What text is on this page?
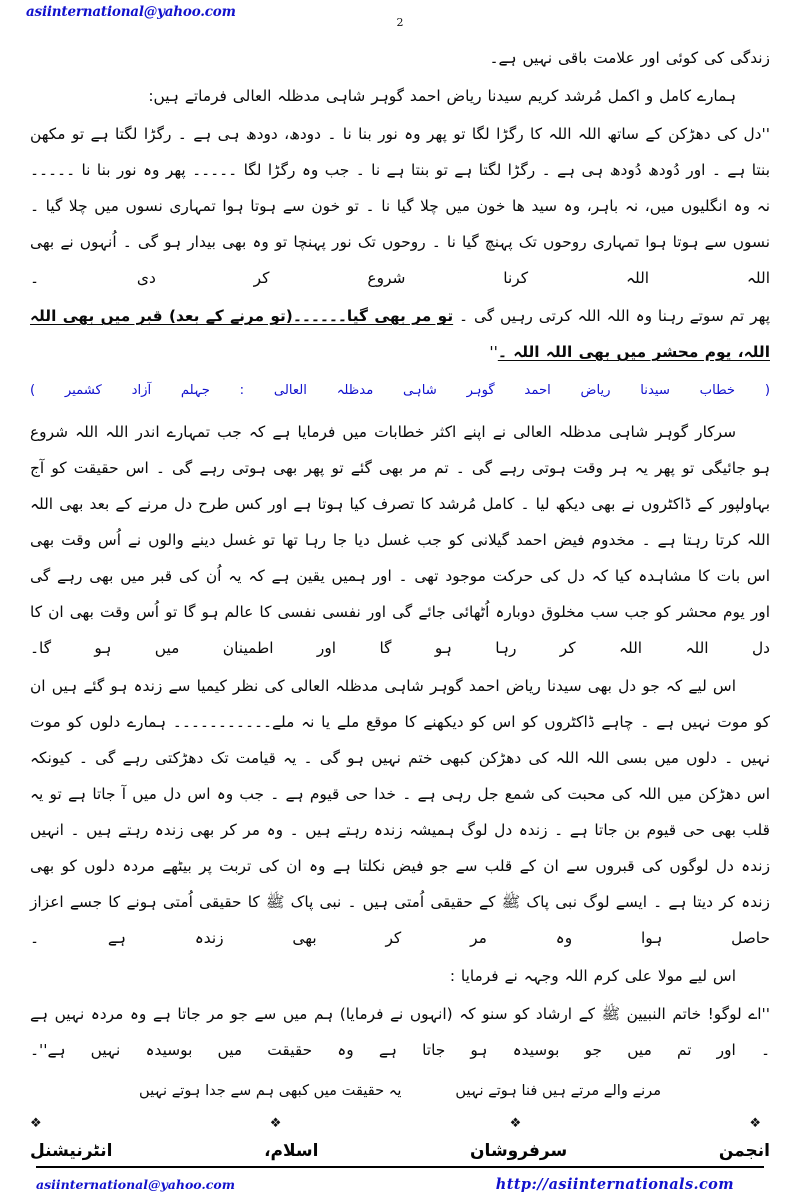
asiinternational@yahoo.com
2
زندگی کی کوئی اور علامت باقی نہیں ہے۔
ہمارے کامل و اکمل مُرشد کریم سیدنا ریاض احمد گوہر شاہی مدظلہ العالی فرماتے ہیں:
''دل کی دھڑکن کے ساتھ اللہ اللہ کا رگڑا لگا تو پھر وہ نور بنا نا ۔ دودھ، دودھ ہی ہے ۔ رگڑا لگتا ہے تو مکھن بنتا ہے ۔ اور دُودھ دُودھ ہی ہے ۔ رگڑا لگتا ہے تو بنتا ہے نا ۔ جب وہ رگڑا لگا ۔۔۔۔۔ پھر وہ نور بنا نا ۔۔۔۔۔ نہ وہ انگلیوں میں، نہ باہر، وہ سید ھا خون میں چلا گیا نا ۔ تو خون سے ہوتا ہوا تمہاری نسوں میں چلا گیا ۔ نسوں سے ہوتا ہوا تمہاری روحوں تک پہنچ گیا نا ۔ روحوں تک نور پہنچا تو وہ بھی بیدار ہو گی ۔ اُنہوں نے بھی اللہ اللہ کرنا شروع کر دی ۔
پھر تم سوتے رہنا وہ اللہ اللہ کرتی رہیں گی ۔ تو مر بھی گیا۔۔۔۔۔۔(تو مرنے کے بعد) قبر میں بھی اللہ اللہ، یوم محشر میں بھی اللہ اللہ ۔''
( خطاب سیدنا ریاض احمد گوہر شاہی مدظلہ العالی : جہلم آزاد کشمیر )
سرکار گوہر شاہی مدظلہ العالی نے اپنے اکثر خطابات میں فرمایا ہے کہ جب تمہارے اندر اللہ اللہ شروع ہو جائیگی تو پھر یہ ہر وقت ہوتی رہے گی ۔ تم مر بھی گئے تو پھر بھی ہوتی رہے گی ۔ اس حقیقت کو آج بہاولپور کے ڈاکٹروں نے بھی دیکھ لیا ۔ کامل مُرشد کا تصرف کیا ہوتا ہے اور کس طرح دل مرنے کے بعد بھی اللہ اللہ کرتا رہتا ہے ۔ مخدوم فیض احمد گیلانی کو جب غسل دیا جا رہا تھا تو غسل دینے والوں نے اُس وقت بھی اس بات کا مشاہدہ کیا کہ دل کی حرکت موجود تھی ۔ اور ہمیں یقین ہے کہ یہ اُن کی قبر میں بھی رہے گی اور یوم محشر کو جب سب مخلوق دوبارہ اُٹھائی جائے گی اور نفسی نفسی کا عالم ہو گا تو اُس وقت بھی ان کا دل اللہ اللہ کر رہا ہو گا اور اطمینان میں ہو گا۔
اس لیے کہ جو دل بھی سیدنا ریاض احمد گوہر شاہی مدظلہ العالی کی نظر کیمیا سے زندہ ہو گئے ہیں ان کو موت نہیں ہے ۔ چاہے ڈاکٹروں کو اس کو دیکھنے کا موقع ملے یا نہ ملے۔۔۔۔۔۔۔۔۔۔۔ ہمارے دلوں کو موت نہیں ۔ دلوں میں بسی اللہ اللہ کی دھڑکن کبھی ختم نہیں ہو گی ۔ یہ قیامت تک دھڑکتی رہے گی ۔ کیونکہ اس دھڑکن میں اللہ کی محبت کی شمع جل رہی ہے ۔ خدا حی قیوم ہے ۔ جب وہ اس دل میں آ جاتا ہے تو یہ قلب بھی حی قیوم بن جاتا ہے ۔ زندہ دل لوگ ہمیشہ زندہ رہتے ہیں ۔ وہ مر کر بھی زندہ رہتے ہیں ۔ انہیں زندہ دل لوگوں کی قبروں سے ان کے قلب سے جو فیض نکلتا ہے وہ ان کی تربت پر بیٹھے مردہ دلوں کو بھی زندہ کر دیتا ہے ۔ ایسے لوگ نبی پاک ﷺ کے حقیقی اُمتی ہیں ۔ نبی پاک ﷺ کا حقیقی اُمتی ہونے کا جسے اعزاز حاصل ہوا وہ مر کر بھی زندہ ہے ۔
اس لیے مولا علی کرم اللہ وجہہ نے فرمایا :
''اے لوگو! خاتم النبیین ﷺ کے ارشاد کو سنو کہ (انہوں نے فرمایا) ہم میں سے جو مر جاتا ہے وہ مردہ نہیں ہے ۔ اور تم میں جو بوسیدہ ہو جاتا ہے وہ حقیقت میں بوسیدہ نہیں ہے''۔
مرنے والے مرتے ہیں فنا ہوتے نہیں
یہ حقیقت میں کبھی ہم سے جدا ہوتے نہیں
❖ ❖ ❖ ❖
انجمن سرفروشان اسلام، انٹرنیشنل
asiinternational@yahoo.com	http://asiinternationals.com
